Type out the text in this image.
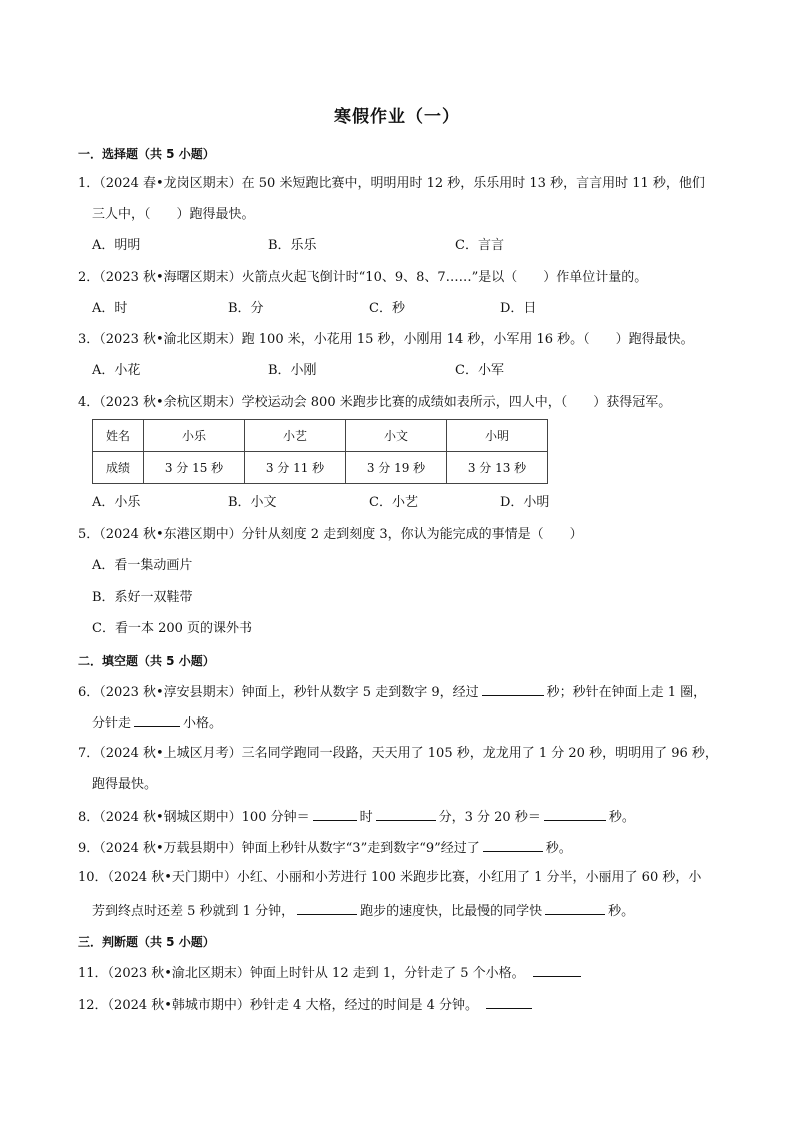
寒假作业（一）
一．选择题（共 5 小题）
1．（2024 春•龙岗区期末）在 50 米短跑比赛中，明明用时 12 秒，乐乐用时 13 秒，言言用时 11 秒，他们
三人中，（　　）跑得最快。
A．明明	B．乐乐	C．言言
2．（2023 秋•海曙区期末）火箭点火起飞倒计时“10、9、8、7……”是以（　　）作单位计量的。
A．时	B．分	C．秒	D．日
3．（2023 秋•渝北区期末）跑 100 米，小花用 15 秒，小刚用 14 秒，小军用 16 秒。（　　）跑得最快。
A．小花	B．小刚	C．小军
4．（2023 秋•余杭区期末）学校运动会 800 米跑步比赛的成绩如表所示，四人中，（　　）获得冠军。
姓名	小乐	小艺	小文	小明
成绩	3 分 15 秒	3 分 11 秒	3 分 19 秒	3 分 13 秒
A．小乐	B．小文	C．小艺	D．小明
5．（2024 秋•东港区期中）分针从刻度 2 走到刻度 3，你认为能完成的事情是（　　）
A．看一集动画片
B．系好一双鞋带
C．看一本 200 页的课外书
二．填空题（共 5 小题）
6．（2023 秋•淳安县期末）钟面上，秒针从数字 5 走到数字 9，经过	秒；秒针在钟面上走 1 圈，
分针走	小格。
7．（2024 秋•上城区月考）三名同学跑同一段路，天天用了 105 秒，龙龙用了 1 分 20 秒，明明用了 96 秒，
跑得最快。
8．（2024 秋•钢城区期中）100 分钟＝	时	分，3 分 20 秒＝	秒。
9．（2024 秋•万载县期中）钟面上秒针从数字“3”走到数字“9”经过了	秒。
10．（2024 秋•天门期中）小红、小丽和小芳进行 100 米跑步比赛，小红用了 1 分半，小丽用了 60 秒，小
芳到终点时还差 5 秒就到 1 分钟，	跑步的速度快，比最慢的同学快	秒。
三．判断题（共 5 小题）
11．（2023 秋•渝北区期末）钟面上时针从 12 走到 1，分针走了 5 个小格。
12．（2024 秋•韩城市期中）秒针走 4 大格，经过的时间是 4 分钟。
